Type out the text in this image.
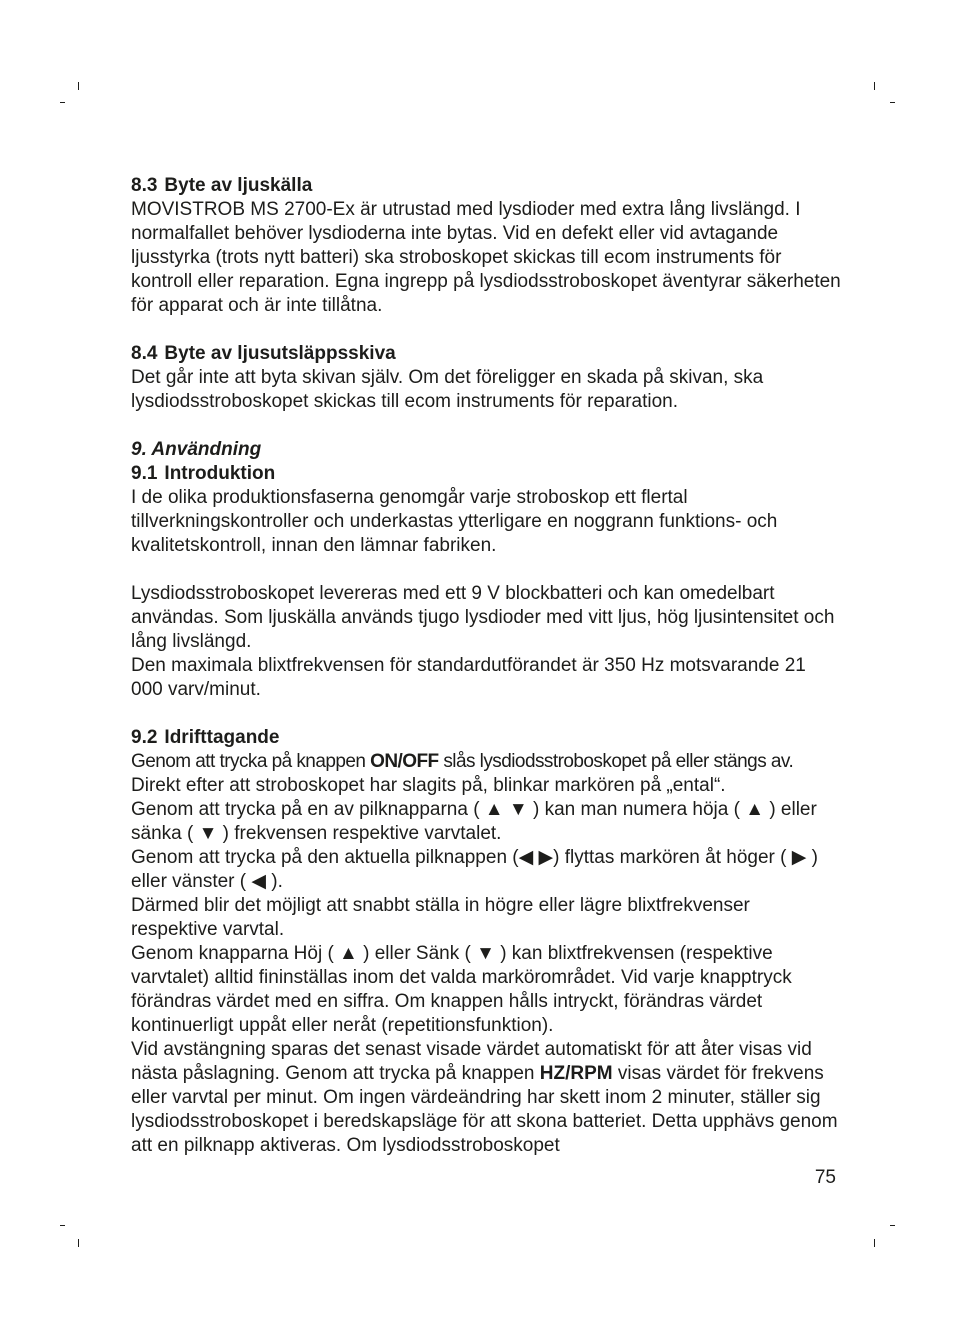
8.3 Byte av ljuskälla

MOVISTROB MS 2700-Ex är utrustad med lysdioder med extra lång livslängd. I normalfallet behöver lysdioderna inte bytas. Vid en defekt eller vid avtagande ljusstyrka (trots nytt batteri) ska stroboskopet skickas till ecom instruments för kontroll eller reparation. Egna ingrepp på lysdiodsstroboskopet äventyrar säkerheten för apparat och är inte tillåtna.

8.4 Byte av ljusutsläppsskiva

Det går inte att byta skivan själv. Om det föreligger en skada på skivan, ska lysdiodsstroboskopet skickas till ecom instruments för reparation.

9. Användning
9.1 Introduktion

I de olika produktionsfaserna genomgår varje stroboskop ett flertal tillverkningskontroller och underkastas ytterligare en noggrann funktions- och kvalitetskontroll, innan den lämnar fabriken.

Lysdiodsstroboskopet levereras med ett 9 V blockbatteri och kan omedelbart användas. Som ljuskälla används tjugo lysdioder med vitt ljus, hög ljusintensitet och lång livslängd.

Den maximala blixtfrekvensen för standardutförandet är 350 Hz motsvarande 21 000 varv/minut.

9.2 Idrifttagande

Genom att trycka på knappen ON/OFF slås lysdiodsstroboskopet på eller stängs av.

Direkt efter att stroboskopet har slagits på, blinkar markören på „ental“.

Genom att trycka på en av pilknapparna ( ▲ ▼ ) kan man numera höja ( ▲ ) eller sänka ( ▼ ) frekvensen respektive varvtalet.

Genom att trycka på den aktuella pilknappen (◀ ▶) flyttas markören åt höger ( ▶ ) eller vänster ( ◀ ).

Därmed blir det möjligt att snabbt ställa in högre eller lägre blixtfrekvenser respektive varvtal.

Genom knapparna Höj ( ▲ ) eller Sänk ( ▼ ) kan blixtfrekvensen (respektive varvtalet) alltid fininställas inom det valda markörområdet. Vid varje knapptryck förändras värdet med en siffra. Om knappen hålls intryckt, förändras värdet kontinuerligt uppåt eller neråt (repetitionsfunktion).

Vid avstängning sparas det senast visade värdet automatiskt för att åter visas vid nästa påslagning. Genom att trycka på knappen HZ/RPM visas värdet för frekvens eller varvtal per minut. Om ingen värdeändring har skett inom 2 minuter, ställer sig lysdiodsstroboskopet i beredskapsläge för att skona batteriet. Detta upphävs genom att en pilknapp aktiveras. Om lysdiodsstroboskopet

75
